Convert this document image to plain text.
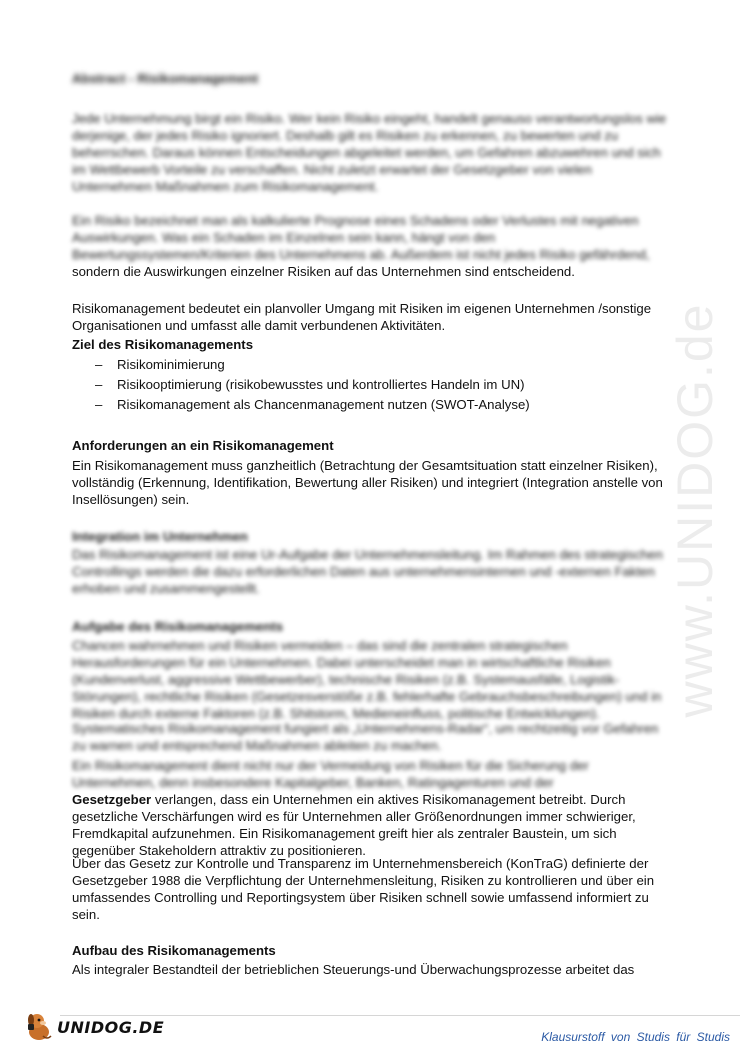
Abstract - Risikomanagement

Jede Unternehmung birgt ein Risiko. Wer kein Risiko eingeht, handelt genauso verantwortungslos wie derjenige, der jedes Risiko ignoriert. Deshalb gilt es Risiken zu erkennen, zu bewerten und zu beherrschen. Daraus können Entscheidungen abgeleitet werden, um Gefahren abzuwehren und sich im Wettbewerb Vorteile zu verschaffen. Nicht zuletzt erwartet der Gesetzgeber von vielen Unternehmen Maßnahmen zum Risikomanagement.

Ein Risiko bezeichnet man als kalkulierte Prognose eines Schadens oder Verlustes mit negativen Auswirkungen. Was ein Schaden im Einzelnen sein kann, hängt von den Bewertungssystemen/Kriterien des Unternehmens ab. Außerdem ist nicht jedes Risiko gefährdend,

sondern die Auswirkungen einzelner Risiken auf das Unternehmen sind entscheidend.

Risikomanagement bedeutet ein planvoller Umgang mit Risiken im eigenen Unternehmen /sonstige Organisationen und umfasst alle damit verbundenen Aktivitäten.

Ziel des Risikomanagements
–	Risikominimierung
–	Risikooptimierung (risikobewusstes und kontrolliertes Handeln im UN)
–	Risikomanagement als Chancenmanagement nutzen (SWOT-Analyse)
Anforderungen an ein Risikomanagement

Ein Risikomanagement muss ganzheitlich (Betrachtung der Gesamtsituation statt einzelner Risiken), vollständig (Erkennung, Identifikation, Bewertung aller Risiken) und integriert (Integration anstelle von Insellösungen) sein.

Integration im Unternehmen

Das Risikomanagement ist eine Ur-Aufgabe der Unternehmensleitung. Im Rahmen des strategischen Controllings werden die dazu erforderlichen Daten aus unternehmensinternen und -externen Fakten erhoben und zusammengestellt.

Aufgabe des Risikomanagements

Chancen wahrnehmen und Risiken vermeiden – das sind die zentralen strategischen Herausforderungen für ein Unternehmen. Dabei unterscheidet man in wirtschaftliche Risiken (Kundenverlust, aggressive Wettbewerber), technische Risiken (z.B. Systemausfälle, Logistik-Störungen), rechtliche Risiken (Gesetzesverstöße z.B. fehlerhafte Gebrauchsbeschreibungen) und in Risiken durch externe Faktoren (z.B. Shitstorm, Medieneinfluss, politische Entwicklungen).

Systematisches Risikomanagement fungiert als „Unternehmens-Radar“, um rechtzeitig vor Gefahren zu warnen und entsprechend Maßnahmen ableiten zu machen.

Ein Risikomanagement dient nicht nur der Vermeidung von Risiken für die Sicherung der Unternehmen, denn insbesondere Kapitalgeber, Banken, Ratingagenturen und der

Gesetzgeber verlangen, dass ein Unternehmen ein aktives Risikomanagement betreibt. Durch gesetzliche Verschärfungen wird es für Unternehmen aller Größenordnungen immer schwieriger, Fremdkapital aufzunehmen. Ein Risikomanagement greift hier als zentraler Baustein, um sich gegenüber Stakeholdern attraktiv zu positionieren.

Über das Gesetz zur Kontrolle und Transparenz im Unternehmensbereich (KonTraG) definierte der Gesetzgeber 1988 die Verpflichtung der Unternehmensleitung, Risiken zu kontrollieren und über ein umfassendes Controlling und Reportingsystem über Risiken schnell sowie umfassend informiert zu sein.

Aufbau des Risikomanagements

Als integraler Bestandteil der betrieblichen Steuerungs-und Überwachungsprozesse arbeitet das

www.UNIDOG.de
UNIDOG.DE
Klausurstoff von Studis für Studis
